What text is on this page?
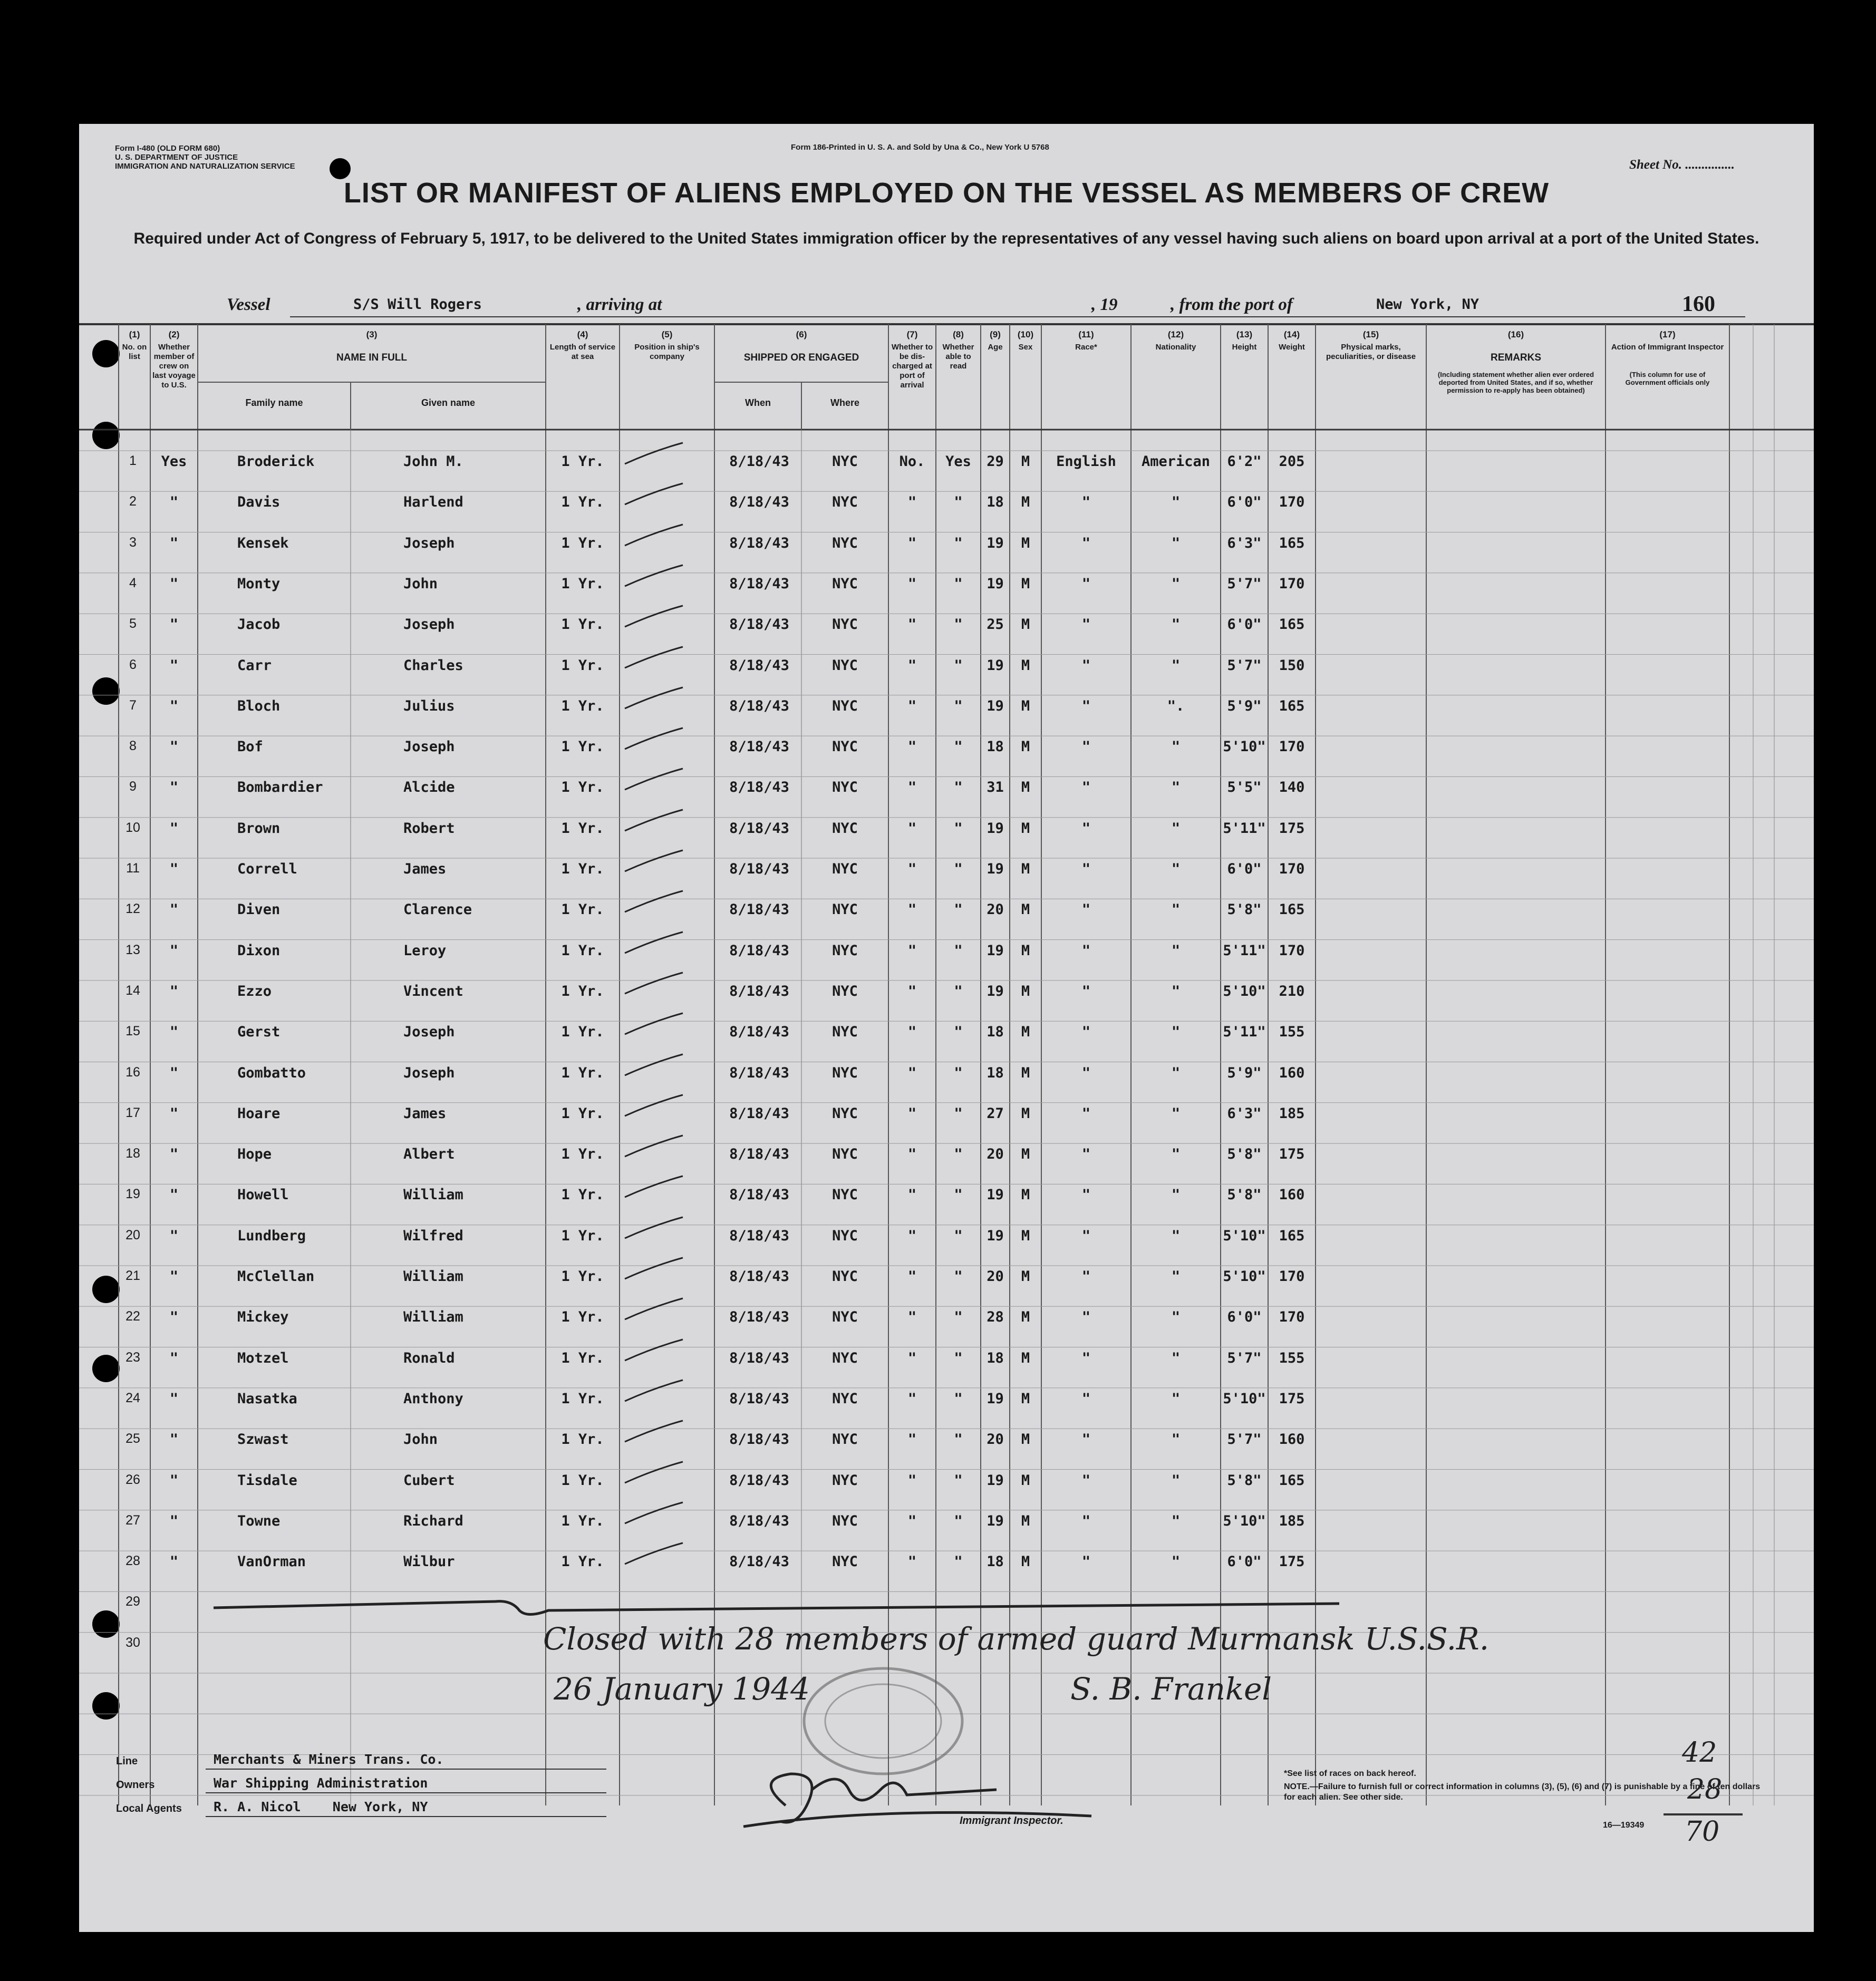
Form I-480 (OLD FORM 680)
U. S. DEPARTMENT OF JUSTICE
IMMIGRATION AND NATURALIZATION SERVICE
Form 186-Printed in U. S. A. and Sold by Una & Co., New York U 5768
Sheet No. ...............
LIST OR MANIFEST OF ALIENS EMPLOYED ON THE VESSEL AS MEMBERS OF CREW
Required under Act of Congress of February 5, 1917, to be delivered to the United States immigration officer by the representatives of any vessel having such aliens on board upon arrival at a port of the United States.
Vessel	S/S Will Rogers	, arriving at	, 19	, from the port of	New York, NY	160
(1)
No. on list
(2)
Whether member of crew on last voyage to U.S.
(3)
NAME IN FULL
Family name	Given name
(4)
Length of service at sea
(5)
Position in ship's company
(6)
SHIPPED OR ENGAGED
When	Where
(7)
Whether to be dis-charged at port of arrival
(8)
Whether able to read
(9)
Age
(10)
Sex
(11)
Race*
(12)
Nationality
(13)
Height
(14)
Weight
(15)
Physical marks, peculiarities, or disease
(16)
REMARKS
(Including statement whether alien ever ordered deported from United States, and if so, whether permission to re-apply has been obtained)
(17)
Action of Immigrant Inspector
(This column for use of Government officials only
1	Yes	Broderick	John M.	1 Yr.	8/18/43	NYC	No.	Yes	29	M	English	American	6'2"	205
2	"	Davis	Harlend	1 Yr.	8/18/43	NYC	"	"	18	M	"	"	6'0"	170
3	"	Kensek	Joseph	1 Yr.	8/18/43	NYC	"	"	19	M	"	"	6'3"	165
4	"	Monty	John	1 Yr.	8/18/43	NYC	"	"	19	M	"	"	5'7"	170
5	"	Jacob	Joseph	1 Yr.	8/18/43	NYC	"	"	25	M	"	"	6'0"	165
6	"	Carr	Charles	1 Yr.	8/18/43	NYC	"	"	19	M	"	"	5'7"	150
7	"	Bloch	Julius	1 Yr.	8/18/43	NYC	"	"	19	M	"	".	5'9"	165
8	"	Bof	Joseph	1 Yr.	8/18/43	NYC	"	"	18	M	"	"	5'10" 170
9	"	Bombardier	Alcide	1 Yr.	8/18/43	NYC	"	"	31	M	"	"	5'5"	140
10	"	Brown	Robert	1 Yr.	8/18/43	NYC	"	"	19	M	"	"	5'11" 175
11	"	Correll	James	1 Yr.	8/18/43	NYC	"	"	19	M	"	"	6'0"	170
12	"	Diven	Clarence	1 Yr.	8/18/43	NYC	"	"	20	M	"	"	5'8"	165
13	"	Dixon	Leroy	1 Yr.	8/18/43	NYC	"	"	19	M	"	"	5'11" 170
14	"	Ezzo	Vincent	1 Yr.	8/18/43	NYC	"	"	19	M	"	"	5'10" 210
15	"	Gerst	Joseph	1 Yr.	8/18/43	NYC	"	"	18	M	"	"	5'11" 155
16	"	Gombatto	Joseph	1 Yr.	8/18/43	NYC	"	"	18	M	"	"	5'9"	160
17	"	Hoare	James	1 Yr.	8/18/43	NYC	"	"	27	M	"	"	6'3"	185
18	"	Hope	Albert	1 Yr.	8/18/43	NYC	"	"	20	M	"	"	5'8"	175
19	"	Howell	William	1 Yr.	8/18/43	NYC	"	"	19	M	"	"	5'8"	160
20	"	Lundberg	Wilfred	1 Yr.	8/18/43	NYC	"	"	19	M	"	"	5'10" 165
21	"	McClellan	William	1 Yr.	8/18/43	NYC	"	"	20	M	"	"	5'10" 170
22	"	Mickey	William	1 Yr.	8/18/43	NYC	"	"	28	M	"	"	6'0"	170
23	"	Motzel	Ronald	1 Yr.	8/18/43	NYC	"	"	18	M	"	"	5'7"	155
24	"	Nasatka	Anthony	1 Yr.	8/18/43	NYC	"	"	19	M	"	"	5'10" 175
25	"	Szwast	John	1 Yr.	8/18/43	NYC	"	"	20	M	"	"	5'7"	160
26	"	Tisdale	Cubert	1 Yr.	8/18/43	NYC	"	"	19	M	"	"	5'8"	165
27	"	Towne	Richard	1 Yr.	8/18/43	NYC	"	"	19	M	"	"	5'10" 185
28	"	VanOrman	Wilbur	1 Yr.	8/18/43	NYC	"	"	18	M	"	"	6'0"	175
29
30	Closed with 28 members of armed guard Murmansk U.S.S.R.
26 January 1944	S. B. Frankel
Line	Merchants & Miners Trans. Co.
Owners	War Shipping Administration
Local Agents R. A. Nicol    New York, NY
Immigrant Inspector.
*See list of races on back hereof.
NOTE.—Failure to furnish full or correct information in columns (3), (5), (6) and (7) is punishable by a fine of ten dollars for each alien. See other side.
16—19349
42
28
70
